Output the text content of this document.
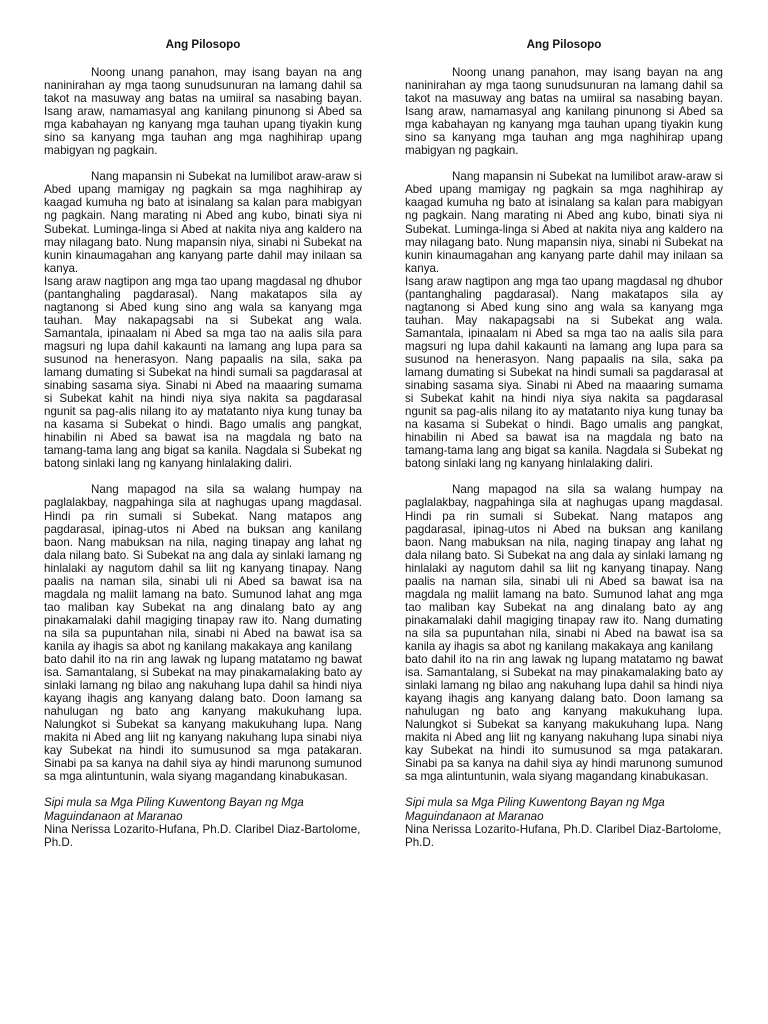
Ang Pilosopo

Noong unang panahon, may isang bayan na ang naninirahan ay mga taong sunudsunuran na lamang dahil sa takot na masuway ang batas na umiiral sa nasabing bayan. Isang araw, namamasyal ang kanilang pinunong si Abed sa mga kabahayan ng kanyang mga tauhan upang tiyakin kung sino sa kanyang mga tauhan ang mga naghihirap upang mabigyan ng pagkain.

Nang mapansin ni Subekat na lumilibot araw-araw si Abed upang mamigay ng pagkain sa mga naghihirap ay kaagad kumuha ng bato at isinalang sa kalan para mabigyan ng pagkain. Nang marating ni Abed ang kubo, binati siya ni Subekat. Luminga-linga si Abed at nakita niya ang kaldero na may nilagang bato. Nung mapansin niya, sinabi ni Subekat na kunin kinaumagahan ang kanyang parte dahil may inilaan sa kanya.

Isang araw nagtipon ang mga tao upang magdasal ng dhubor (pantanghaling pagdarasal). Nang makatapos sila ay nagtanong si Abed kung sino ang wala sa kanyang mga tauhan. May nakapagsabi na si Subekat ang wala. Samantala, ipinaalam ni Abed sa mga tao na aalis sila para magsuri ng lupa dahil kakaunti na lamang ang lupa para sa susunod na henerasyon. Nang papaalis na sila, saka pa lamang dumating si Subekat na hindi sumali sa pagdarasal at sinabing sasama siya. Sinabi ni Abed na maaaring sumama si Subekat kahit na hindi niya siya nakita sa pagdarasal ngunit sa pag-alis nilang ito ay matatanto niya kung tunay ba na kasama si Subekat o hindi. Bago umalis ang pangkat, hinabilin ni Abed sa bawat isa na magdala ng bato na tamang-tama lang ang bigat sa kanila. Nagdala si Subekat ng batong sinlaki lang ng kanyang hinlalaking daliri.

Nang mapagod na sila sa walang humpay na paglalakbay, nagpahinga sila at naghugas upang magdasal. Hindi pa rin sumali si Subekat. Nang matapos ang pagdarasal, ipinag-utos ni Abed na buksan ang kanilang baon. Nang mabuksan na nila, naging tinapay ang lahat ng dala nilang bato. Si Subekat na ang dala ay sinlaki lamang ng hinlalaki ay nagutom dahil sa liit ng kanyang tinapay. Nang paalis na naman sila, sinabi uli ni Abed sa bawat isa na magdala ng maliit lamang na bato. Sumunod lahat ang mga tao maliban kay Subekat na ang dinalang bato ay ang pinakamalaki dahil magiging tinapay raw ito. Nang dumating na sila sa pupuntahan nila, sinabi ni Abed na bawat isa sa kanila ay ihagis sa abot ng kanilang makakaya ang kanilang

bato dahil ito na rin ang lawak ng lupang matatamo ng bawat isa. Samantalang, si Subekat na may pinakamalaking bato ay sinlaki lamang ng bilao ang nakuhang lupa dahil sa hindi niya kayang ihagis ang kanyang dalang bato. Doon lamang sa nahulugan ng bato ang kanyang makukuhang lupa. Nalungkot si Subekat sa kanyang makukuhang lupa. Nang makita ni Abed ang liit ng kanyang nakuhang lupa sinabi niya kay Subekat na hindi ito sumusunod sa mga patakaran. Sinabi pa sa kanya na dahil siya ay hindi marunong sumunod sa mga alintuntunin, wala siyang magandang kinabukasan.

Sipi mula sa Mga Piling Kuwentong Bayan ng Mga Maguindanaon at Maranao

Nina Nerissa Lozarito-Hufana, Ph.D. Claribel Diaz-Bartolome, Ph.D.

Ang Pilosopo

Noong unang panahon, may isang bayan na ang naninirahan ay mga taong sunudsunuran na lamang dahil sa takot na masuway ang batas na umiiral sa nasabing bayan. Isang araw, namamasyal ang kanilang pinunong si Abed sa mga kabahayan ng kanyang mga tauhan upang tiyakin kung sino sa kanyang mga tauhan ang mga naghihirap upang mabigyan ng pagkain.

Nang mapansin ni Subekat na lumilibot araw-araw si Abed upang mamigay ng pagkain sa mga naghihirap ay kaagad kumuha ng bato at isinalang sa kalan para mabigyan ng pagkain. Nang marating ni Abed ang kubo, binati siya ni Subekat. Luminga-linga si Abed at nakita niya ang kaldero na may nilagang bato. Nung mapansin niya, sinabi ni Subekat na kunin kinaumagahan ang kanyang parte dahil may inilaan sa kanya.

Isang araw nagtipon ang mga tao upang magdasal ng dhubor (pantanghaling pagdarasal). Nang makatapos sila ay nagtanong si Abed kung sino ang wala sa kanyang mga tauhan. May nakapagsabi na si Subekat ang wala. Samantala, ipinaalam ni Abed sa mga tao na aalis sila para magsuri ng lupa dahil kakaunti na lamang ang lupa para sa susunod na henerasyon. Nang papaalis na sila, saka pa lamang dumating si Subekat na hindi sumali sa pagdarasal at sinabing sasama siya. Sinabi ni Abed na maaaring sumama si Subekat kahit na hindi niya siya nakita sa pagdarasal ngunit sa pag-alis nilang ito ay matatanto niya kung tunay ba na kasama si Subekat o hindi. Bago umalis ang pangkat, hinabilin ni Abed sa bawat isa na magdala ng bato na tamang-tama lang ang bigat sa kanila. Nagdala si Subekat ng batong sinlaki lang ng kanyang hinlalaking daliri.

Nang mapagod na sila sa walang humpay na paglalakbay, nagpahinga sila at naghugas upang magdasal. Hindi pa rin sumali si Subekat. Nang matapos ang pagdarasal, ipinag-utos ni Abed na buksan ang kanilang baon. Nang mabuksan na nila, naging tinapay ang lahat ng dala nilang bato. Si Subekat na ang dala ay sinlaki lamang ng hinlalaki ay nagutom dahil sa liit ng kanyang tinapay. Nang paalis na naman sila, sinabi uli ni Abed sa bawat isa na magdala ng maliit lamang na bato. Sumunod lahat ang mga tao maliban kay Subekat na ang dinalang bato ay ang pinakamalaki dahil magiging tinapay raw ito. Nang dumating na sila sa pupuntahan nila, sinabi ni Abed na bawat isa sa kanila ay ihagis sa abot ng kanilang makakaya ang kanilang

bato dahil ito na rin ang lawak ng lupang matatamo ng bawat isa. Samantalang, si Subekat na may pinakamalaking bato ay sinlaki lamang ng bilao ang nakuhang lupa dahil sa hindi niya kayang ihagis ang kanyang dalang bato. Doon lamang sa nahulugan ng bato ang kanyang makukuhang lupa. Nalungkot si Subekat sa kanyang makukuhang lupa. Nang makita ni Abed ang liit ng kanyang nakuhang lupa sinabi niya kay Subekat na hindi ito sumusunod sa mga patakaran. Sinabi pa sa kanya na dahil siya ay hindi marunong sumunod sa mga alintuntunin, wala siyang magandang kinabukasan.

Sipi mula sa Mga Piling Kuwentong Bayan ng Mga Maguindanaon at Maranao

Nina Nerissa Lozarito-Hufana, Ph.D. Claribel Diaz-Bartolome, Ph.D.
